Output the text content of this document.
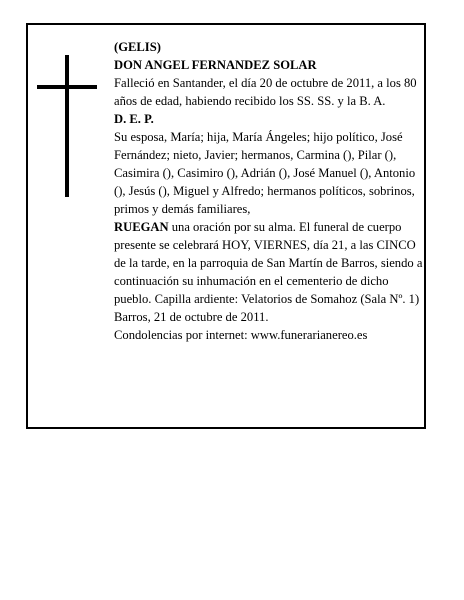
(GELIS)

DON ANGEL FERNANDEZ SOLAR

Falleció en Santander, el día 20 de octubre de 2011, a los 80 años de edad, habiendo recibido los SS. SS. y la B. A.

D. E. P.

Su esposa, María; hija, María Ángeles; hijo político, José Fernández; nieto, Javier; hermanos, Carmina (), Pilar (), Casimira (), Casimiro (), Adrián (), José Manuel (), Antonio (), Jesús (), Miguel y Alfredo; hermanos políticos, sobrinos, primos y demás familiares,

RUEGAN una oración por su alma. El funeral de cuerpo presente se celebrará HOY, VIERNES, día 21, a las CINCO de la tarde, en la parroquia de San Martín de Barros, siendo a continuación su inhumación en el cementerio de dicho pueblo. Capilla ardiente: Velatorios de Somahoz (Sala Nº. 1)

Barros, 21 de octubre de 2011.

Condolencias por internet: www.funerarianereo.es
